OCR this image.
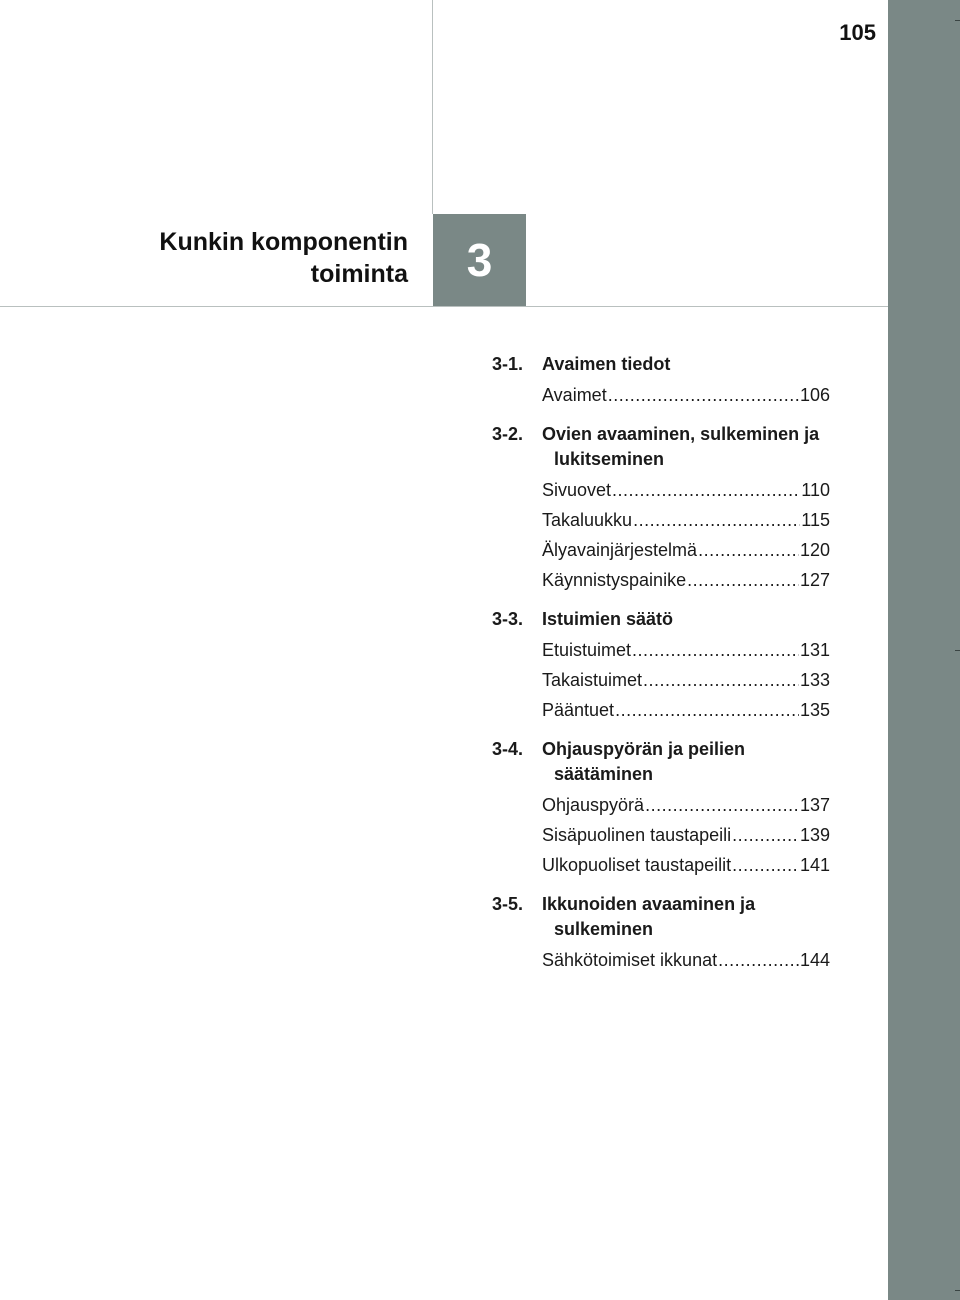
105
3
Kunkin komponentin
toiminta
3-1.	Avaimen tiedot
Avaimet .....	106
3-2.	Ovien avaaminen, sulkeminen ja lukitseminen
Sivuovet .....	110
Takaluukku .....	115
Älyavainjärjestelmä .....	120
Käynnistyspainike .....	127
3-3.	Istuimien säätö
Etuistuimet .....	131
Takaistuimet .....	133
Pääntuet .....	135
3-4.	Ohjauspyörän ja peilien säätäminen
Ohjauspyörä .....	137
Sisäpuolinen taustapeili .....	139
Ulkopuoliset taustapeilit .....	141
3-5.	Ikkunoiden avaaminen ja sulkeminen
Sähkötoimiset ikkunat .....	144
